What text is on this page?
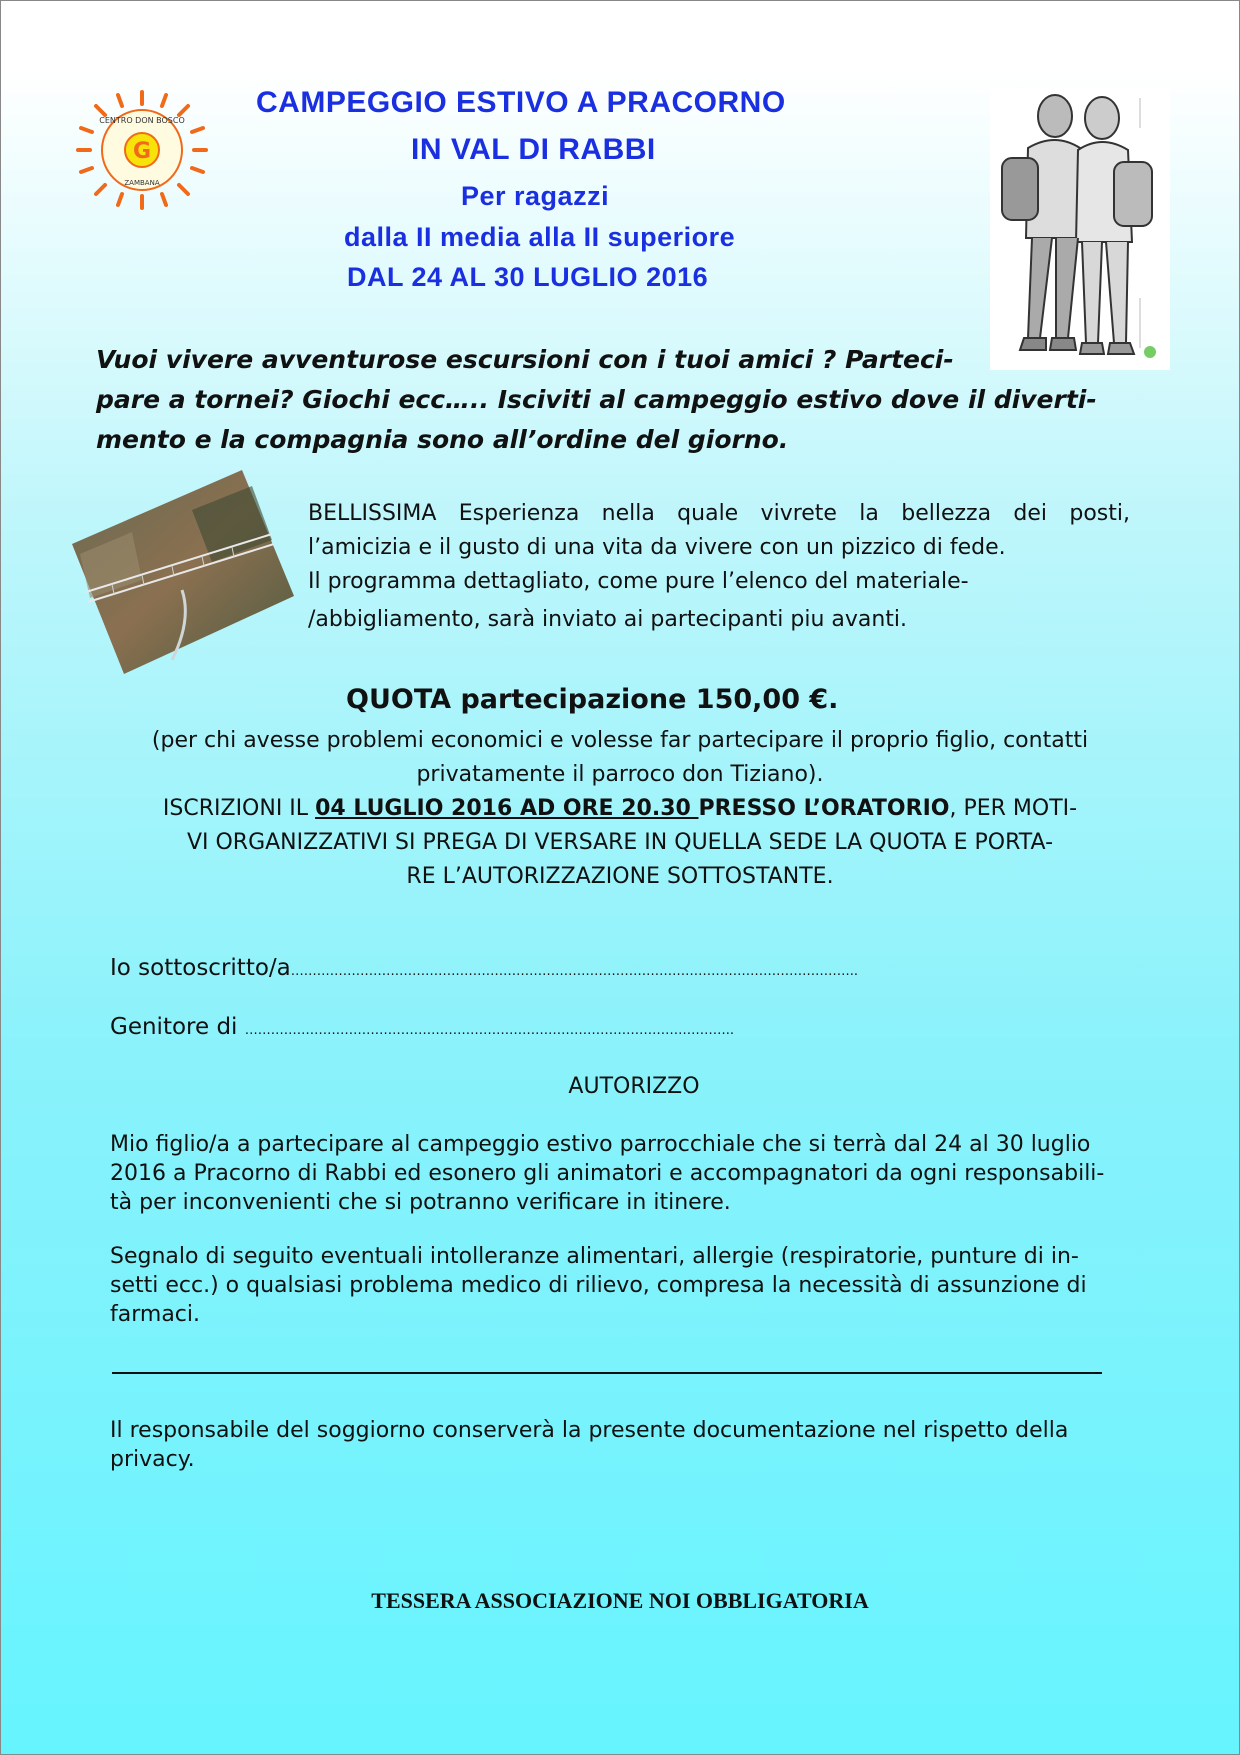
G
CENTRO DON BOSCO
ZAMBANA
CAMPEGGIO ESTIVO A PRACORNO
IN VAL DI RABBI
Per ragazzi
dalla II media alla II superiore
DAL 24 AL 30 LUGLIO 2016
Vuoi vivere avventurose escursioni con i tuoi amici ? Parteci-
pare a tornei? Giochi ecc….. Isciviti al campeggio estivo dove il diverti-
mento e la compagnia sono all’ordine del giorno.
BELLISSIMA Esperienza nella quale vivrete la bellezza dei posti,
l’amicizia e il gusto di una vita da vivere con un pizzico di fede.
Il programma dettagliato, come pure l’elenco del materiale-
/abbigliamento, sarà inviato ai partecipanti piu avanti.
QUOTA partecipazione 150,00 €.
(per chi avesse problemi economici e volesse far partecipare il proprio figlio, contatti
privatamente il parroco don Tiziano).
ISCRIZIONI IL 04 LUGLIO 2016 AD ORE 20.30 PRESSO L’ORATORIO, PER MOTI-
VI ORGANIZZATIVI SI PREGA DI VERSARE IN QUELLA SEDE LA QUOTA E PORTA-
RE L’AUTORIZZAZIONE SOTTOSTANTE.
Io sottoscritto/a…………………………………………………………………………………………………………………..
Genitore di …………………………………………………………………………………………………..
AUTORIZZO
Mio figlio/a a partecipare al campeggio estivo parrocchiale che si terrà dal 24 al 30 luglio
2016 a Pracorno di Rabbi ed esonero gli animatori e accompagnatori da ogni responsabili-
tà per inconvenienti che si potranno verificare in itinere.
Segnalo di seguito eventuali intolleranze alimentari, allergie (respiratorie, punture di in-
setti ecc.) o qualsiasi problema medico di rilievo, compresa la necessità di assunzione di
farmaci.
Il responsabile del soggiorno conserverà la presente documentazione nel rispetto della
privacy.
TESSERA ASSOCIAZIONE NOI OBBLIGATORIA
